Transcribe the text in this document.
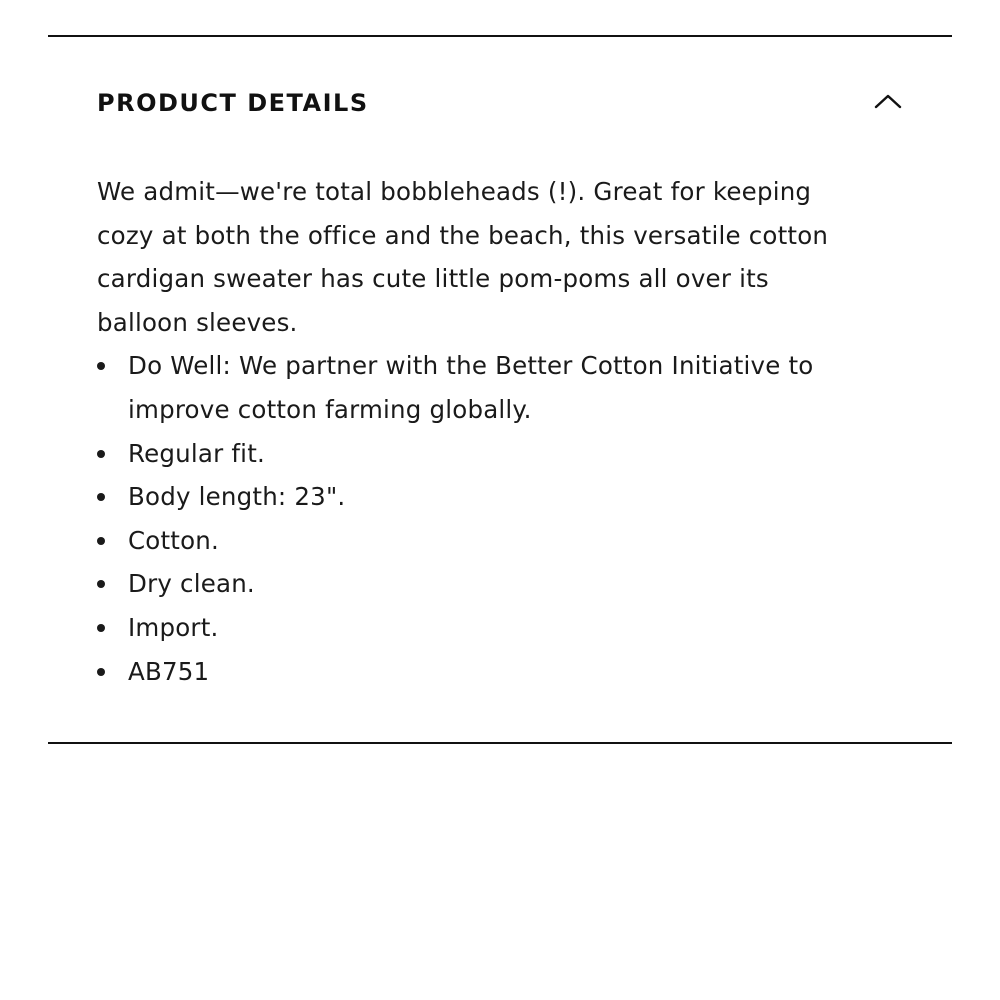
PRODUCT DETAILS

We admit—we're total bobbleheads (!). Great for keeping cozy at both the office and the beach, this versatile cotton cardigan sweater has cute little pom-poms all over its balloon sleeves.

Do Well: We partner with the Better Cotton Initiative to improve cotton farming globally.
Regular fit.
Body length: 23".
Cotton.
Dry clean.
Import.
AB751
